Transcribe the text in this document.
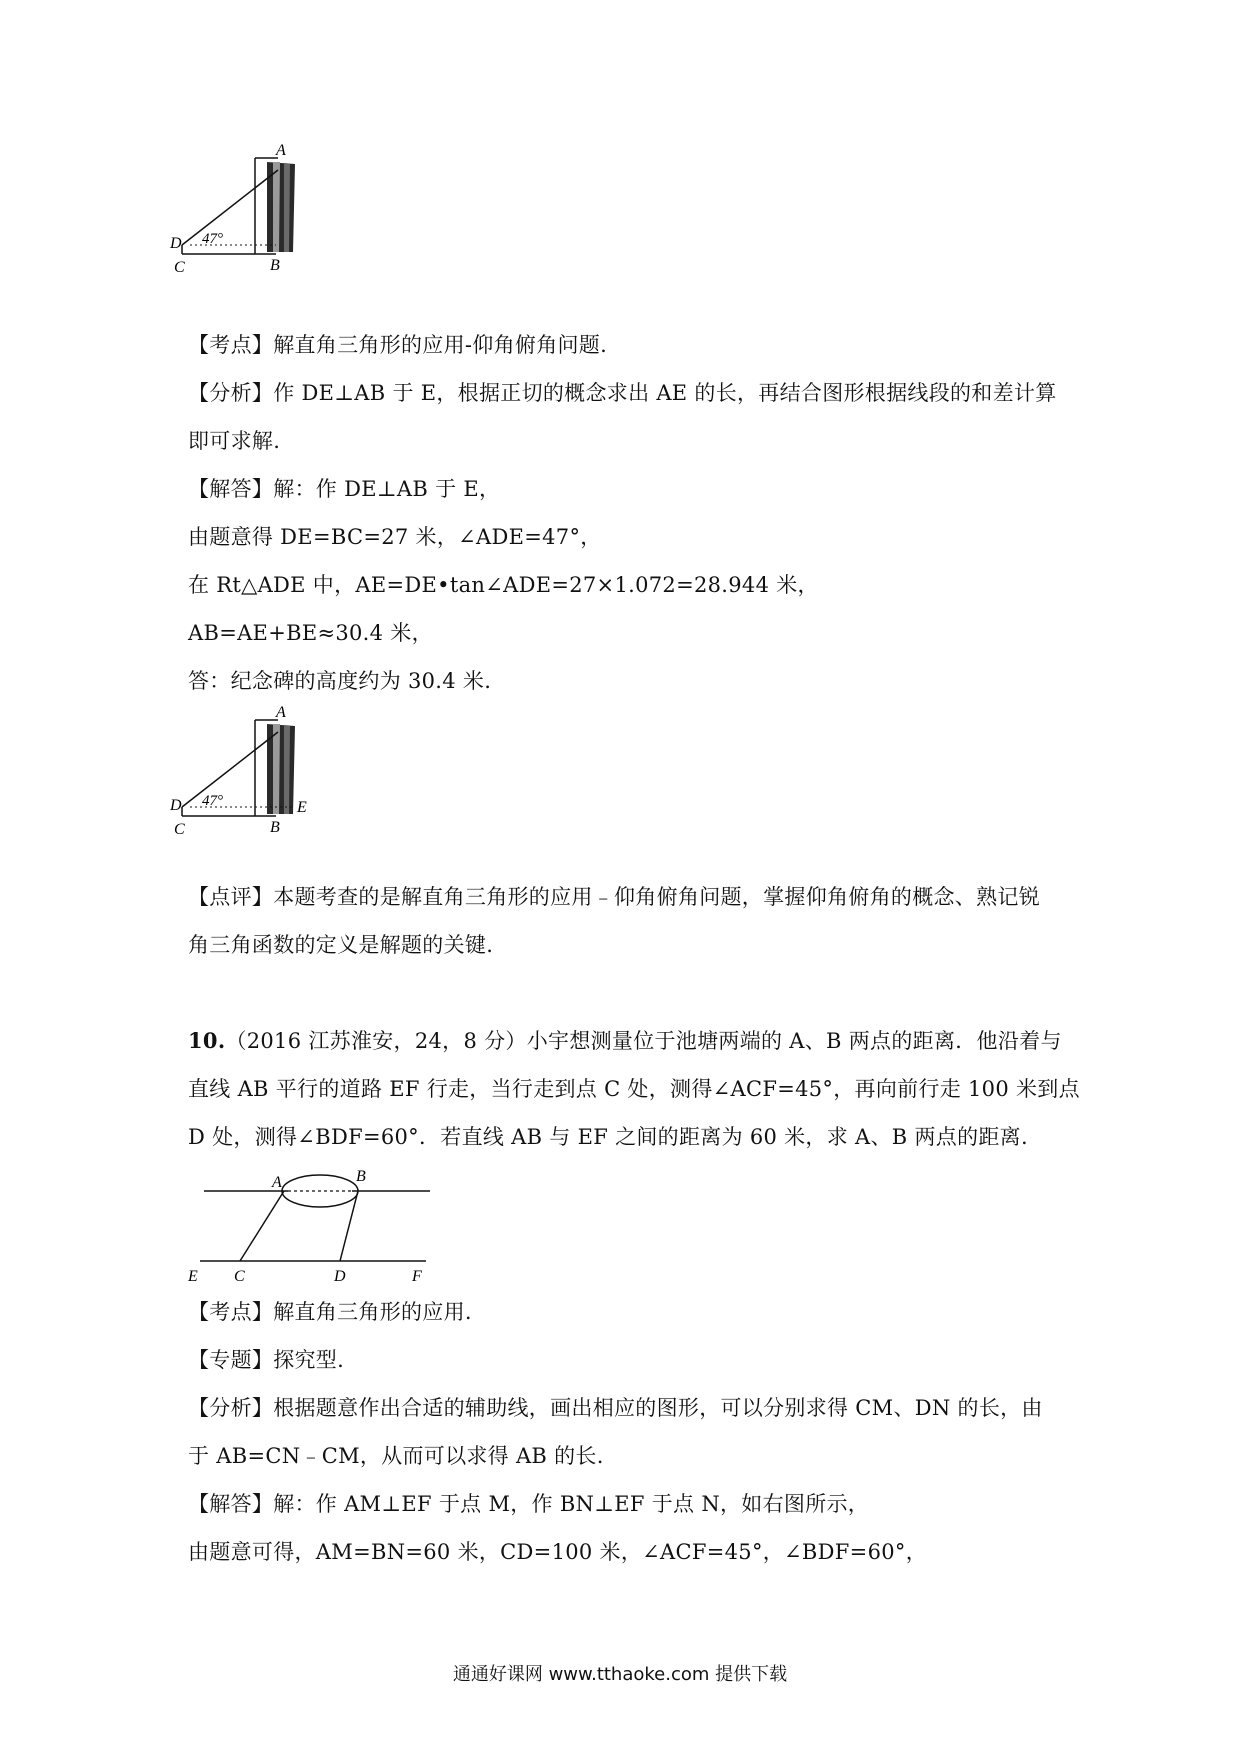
A
D 47°
C	B
【考点】解直角三角形的应用-仰角俯角问题.
【分析】作 DE⊥AB 于 E，根据正切的概念求出 AE 的长，再结合图形根据线段的和差计算
即可求解.
【解答】解：作 DE⊥AB 于 E，
由题意得 DE=BC=27 米，∠ADE=47°，
在 Rt△ADE 中，AE=DE•tan∠ADE=27×1.072=28.944 米，
AB=AE+BE≈30.4 米，
答：纪念碑的高度约为 30.4 米.
A
D 47°	E
C	B
【点评】本题考查的是解直角三角形的应用﹣仰角俯角问题，掌握仰角俯角的概念、熟记锐
角三角函数的定义是解题的关键.
10.（2016 江苏淮安，24，8 分）小宇想测量位于池塘两端的 A、B 两点的距离．他沿着与
直线 AB 平行的道路 EF 行走，当行走到点 C 处，测得∠ACF=45°，再向前行走 100 米到点
D 处，测得∠BDF=60°．若直线 AB 与 EF 之间的距离为 60 米，求 A、B 两点的距离.
A	B
E C	D	F
【考点】解直角三角形的应用.
【专题】探究型.
【分析】根据题意作出合适的辅助线，画出相应的图形，可以分别求得 CM、DN 的长，由
于 AB=CN﹣CM，从而可以求得 AB 的长.
【解答】解：作 AM⊥EF 于点 M，作 BN⊥EF 于点 N，如右图所示，
由题意可得，AM=BN=60 米，CD=100 米，∠ACF=45°，∠BDF=60°，
通通好课网 www.tthaoke.com 提供下载
